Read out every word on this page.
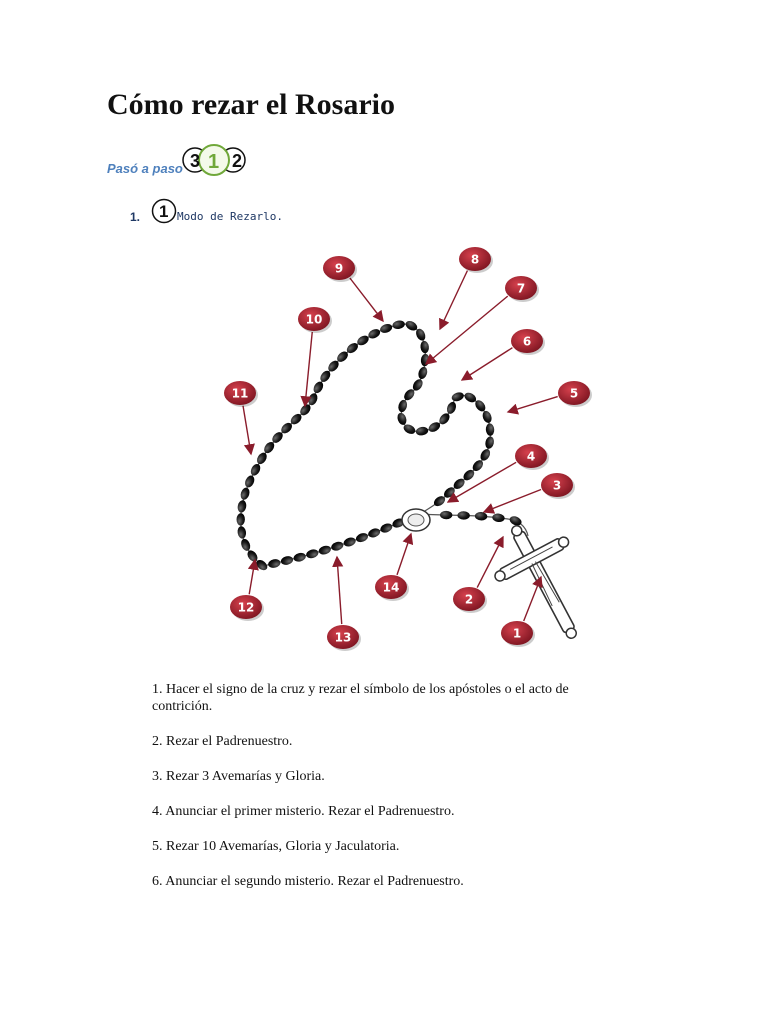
Cómo rezar el Rosario
Pasó a paso 3 2
1
1. 1 Modo de Rezarlo.
1
2
3
4
5
6
7
8
9
10
11
12
13
14

1. Hacer el signo de la cruz y rezar el símbolo de los apóstoles o el acto de contrición.

2. Rezar el Padrenuestro.

3. Rezar 3 Avemarías y Gloria.

4. Anunciar el primer misterio. Rezar el Padrenuestro.

5. Rezar 10 Avemarías, Gloria y Jaculatoria.

6. Anunciar el segundo misterio. Rezar el Padrenuestro.
